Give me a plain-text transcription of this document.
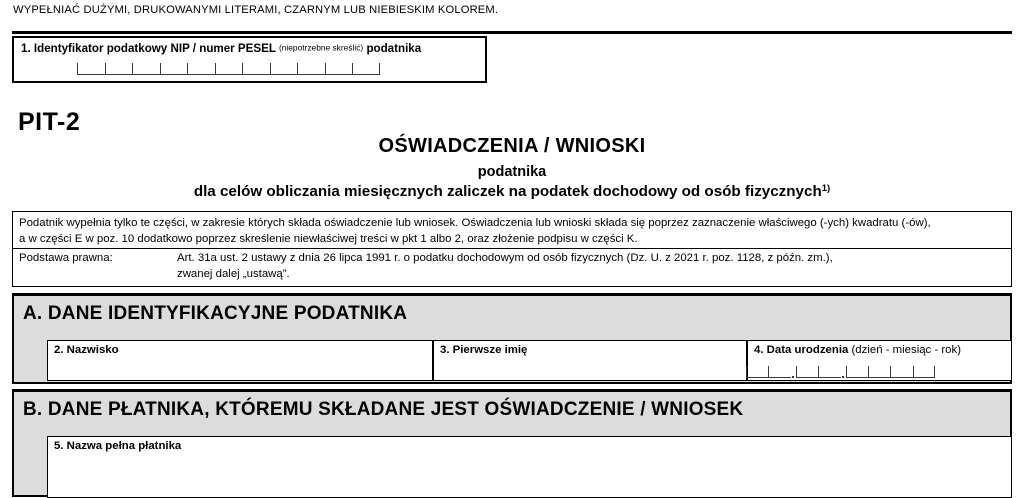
WYPEŁNIAĆ DUŻYMI, DRUKOWANYMI LITERAMI, CZARNYM LUB NIEBIESKIM KOLOREM.
1. Identyfikator podatkowy NIP / numer PESEL (niepotrzebne skreślić) podatnika
PIT-2
OŚWIADCZENIA / WNIOSKI
podatnika
dla celów obliczania miesięcznych zaliczek na podatek dochodowy od osób fizycznych$^{1)}$
Podatnik wypełnia tylko te części, w zakresie których składa oświadczenie lub wniosek. Oświadczenia lub wnioski składa się poprzez zaznaczenie właściwego (-ych) kwadratu (-ów),
a w części E w poz. 10 dodatkowo poprzez skreślenie niewłaściwej treści w pkt 1 albo 2, oraz złożenie podpisu w części K.
Podstawa prawna:	Art. 31a ust. 2 ustawy z dnia 26 lipca 1991 r. o podatku dochodowym od osób fizycznych (Dz. U. z 2021 r. poz. 1128, z późn. zm.),
zwanej dalej „ustawą”.
A. DANE IDENTYFIKACYJNE PODATNIKA
2. Nazwisko	3. Pierwsze imię	4. Data urodzenia (dzień - miesiąc - rok)
B. DANE PŁATNIKA, KTÓREMU SKŁADANE JEST OŚWIADCZENIE / WNIOSEK
5. Nazwa pełna płatnika
